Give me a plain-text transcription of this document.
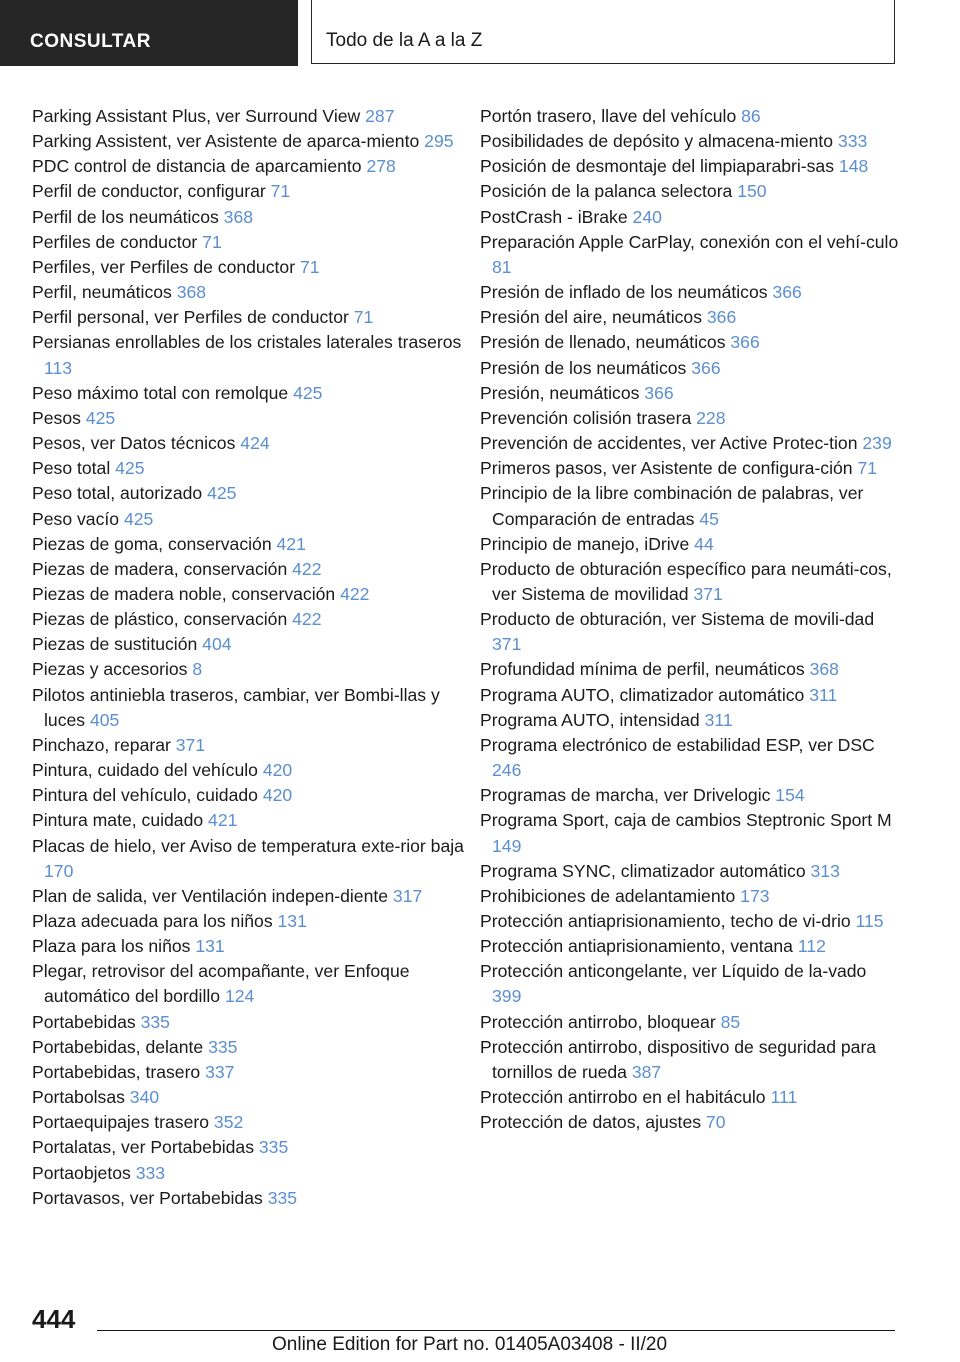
CONSULTAR	Todo de la A a la Z
Parking Assistant Plus, ver Surround View 287
Parking Assistent, ver Asistente de aparca-miento 295
PDC control de distancia de aparcamiento 278
Perfil de conductor, configurar 71
Perfil de los neumáticos 368
Perfiles de conductor 71
Perfiles, ver Perfiles de conductor 71
Perfil, neumáticos 368
Perfil personal, ver Perfiles de conductor 71
Persianas enrollables de los cristales laterales traseros 113
Peso máximo total con remolque 425
Pesos 425
Pesos, ver Datos técnicos 424
Peso total 425
Peso total, autorizado 425
Peso vacío 425
Piezas de goma, conservación 421
Piezas de madera, conservación 422
Piezas de madera noble, conservación 422
Piezas de plástico, conservación 422
Piezas de sustitución 404
Piezas y accesorios 8
Pilotos antiniebla traseros, cambiar, ver Bombi-llas y luces 405
Pinchazo, reparar 371
Pintura, cuidado del vehículo 420
Pintura del vehículo, cuidado 420
Pintura mate, cuidado 421
Placas de hielo, ver Aviso de temperatura exte-rior baja 170
Plan de salida, ver Ventilación indepen-diente 317
Plaza adecuada para los niños 131
Plaza para los niños 131
Plegar, retrovisor del acompañante, ver Enfoque automático del bordillo 124
Portabebidas 335
Portabebidas, delante 335
Portabebidas, trasero 337
Portabolsas 340
Portaequipajes trasero 352
Portalatas, ver Portabebidas 335
Portaobjetos 333
Portavasos, ver Portabebidas 335
Portón trasero, llave del vehículo 86
Posibilidades de depósito y almacena-miento 333
Posición de desmontaje del limpiaparabri-sas 148
Posición de la palanca selectora 150
PostCrash - iBrake 240
Preparación Apple CarPlay, conexión con el vehí-culo 81
Presión de inflado de los neumáticos 366
Presión del aire, neumáticos 366
Presión de llenado, neumáticos 366
Presión de los neumáticos 366
Presión, neumáticos 366
Prevención colisión trasera 228
Prevención de accidentes, ver Active Protec-tion 239
Primeros pasos, ver Asistente de configura-ción 71
Principio de la libre combinación de palabras, ver Comparación de entradas 45
Principio de manejo, iDrive 44
Producto de obturación específico para neumáti-cos, ver Sistema de movilidad 371
Producto de obturación, ver Sistema de movili-dad 371
Profundidad mínima de perfil, neumáticos 368
Programa AUTO, climatizador automático 311
Programa AUTO, intensidad 311
Programa electrónico de estabilidad ESP, ver DSC 246
Programas de marcha, ver Drivelogic 154
Programa Sport, caja de cambios Steptronic Sport M 149
Programa SYNC, climatizador automático 313
Prohibiciones de adelantamiento 173
Protección antiaprisionamiento, techo de vi-drio 115
Protección antiaprisionamiento, ventana 112
Protección anticongelante, ver Líquido de la-vado 399
Protección antirrobo, bloquear 85
Protección antirrobo, dispositivo de seguridad para tornillos de rueda 387
Protección antirrobo en el habitáculo 111
Protección de datos, ajustes 70
444
Online Edition for Part no. 01405A03408 - II/20
